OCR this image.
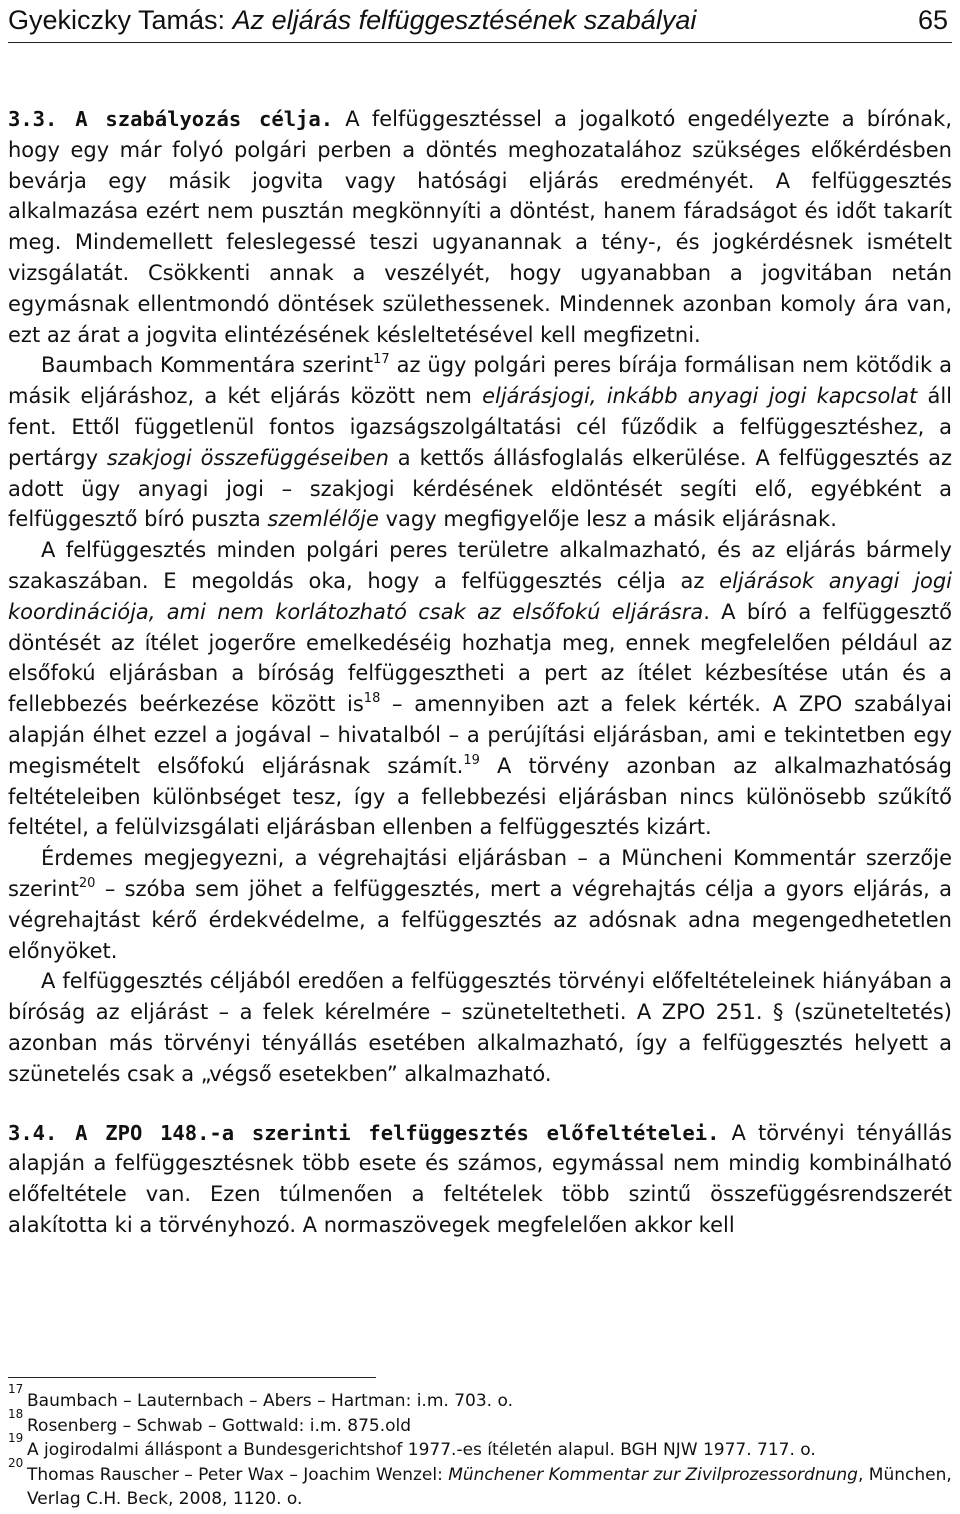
Gyekiczky Tamás: Az eljárás felfüggesztésének szabályai	65

3.3. A szabályozás célja. A felfüggesztéssel a jogalkotó engedélyezte a bírónak, hogy egy már folyó polgári perben a döntés meghozatalához szükséges előkérdésben bevárja egy másik jogvita vagy hatósági eljárás eredményét. A felfüggesztés alkalmazása ezért nem pusztán megkönnyíti a döntést, hanem fáradságot és időt takarít meg. Mindemellett feleslegessé teszi ugyanannak a tény-, és jogkérdésnek ismételt vizsgálatát. Csökkenti annak a veszélyét, hogy ugyanabban a jogvitában netán egymásnak ellentmondó döntések születhessenek. Mindennek azonban komoly ára van, ezt az árat a jogvita elintézésének késleltetésével kell megfizetni.

Baumbach Kommentára szerint$^{17}$ az ügy polgári peres bírája formálisan nem kötődik a másik eljáráshoz, a két eljárás között nem eljárásjogi, inkább anyagi jogi kapcsolat áll fent. Ettől függetlenül fontos igazságszolgáltatási cél fűződik a felfüggesztéshez, a pertárgy szakjogi összefüggéseiben a kettős állásfoglalás elkerülése. A felfüggesztés az adott ügy anyagi jogi – szakjogi kérdésének eldöntését segíti elő, egyébként a felfüggesztő bíró puszta szemlélője vagy megfigyelője lesz a másik eljárásnak.

A felfüggesztés minden polgári peres területre alkalmazható, és az eljárás bármely szakaszában. E megoldás oka, hogy a felfüggesztés célja az eljárások anyagi jogi koordinációja, ami nem korlátozható csak az elsőfokú eljárásra. A bíró a felfüggesztő döntését az ítélet jogerőre emelkedéséig hozhatja meg, ennek megfelelően például az elsőfokú eljárásban a bíróság felfüggesztheti a pert az ítélet kézbesítése után és a fellebbezés beérkezése között $is^{18}$ – amennyiben azt a felek kérték. A ZPO szabályai alapján élhet ezzel a jogával – hivatalból – a perújítási eljárásban, ami e tekintetben egy megismételt elsőfokú eljárásnak számít.$^{19}$ A törvény azonban az alkalmazhatóság feltételeiben különbséget tesz, így a fellebbezési eljárásban nincs különösebb szűkítő feltétel, a felülvizsgálati eljárásban ellenben a felfüggesztés kizárt.

Érdemes megjegyezni, a végrehajtási eljárásban – a Müncheni Kommentár szerzője szerint$^{20}$ – szóba sem jöhet a felfüggesztés, mert a végrehajtás célja a gyors eljárás, a végrehajtást kérő érdekvédelme, a felfüggesztés az adósnak adna megengedhetetlen előnyöket.

A felfüggesztés céljából eredően a felfüggesztés törvényi előfeltételeinek hiányában a bíróság az eljárást – a felek kérelmére – szüneteltetheti. A ZPO 251. § (szüneteltetés) azonban más törvényi tényállás esetében alkalmazható, így a felfüggesztés helyett a szünetelés csak a „végső esetekben” alkalmazható.

3.4. A ZPO 148.-a szerinti felfüggesztés előfeltételei. A törvényi tényállás alapján a felfüggesztésnek több esete és számos, egymással nem mindig kombinálható előfeltétele van. Ezen túlmenően a feltételek több szintű összefüggésrendszerét alakította ki a törvényhozó. A normaszövegek megfelelően akkor kell

17
Baumbach – Lauternbach – Abers – Hartman: i.m. 703. o.
18
Rosenberg – Schwab – Gottwald: i.m. 875.old
19
A jogirodalmi álláspont a Bundesgerichtshof 1977.-es ítéletén alapul. BGH NJW 1977. 717. o.
20
Thomas Rauscher – Peter Wax – Joachim Wenzel: Münchener Kommentar zur Zivilprozessordnung, München, Verlag C.H. Beck, 2008, 1120. o.
